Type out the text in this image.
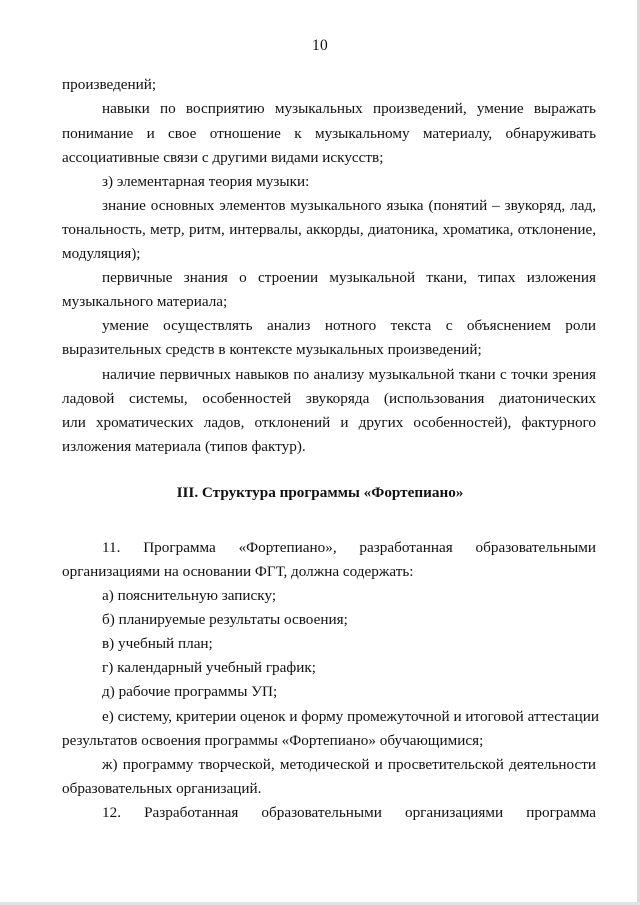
10
произведений;
навыки по восприятию музыкальных произведений, умение выражать
понимание и свое отношение к музыкальному материалу, обнаруживать
ассоциативные связи с другими видами искусств;
з) элементарная теория музыки:
знание основных элементов музыкального языка (понятий – звукоряд, лад,
тональность, метр, ритм, интервалы, аккорды, диатоника, хроматика, отклонение,
модуляция);
первичные знания о строении музыкальной ткани, типах изложения
музыкального материала;
умение осуществлять анализ нотного текста с объяснением роли
выразительных средств в контексте музыкальных произведений;
наличие первичных навыков по анализу музыкальной ткани с точки зрения
ладовой системы, особенностей звукоряда (использования диатонических
или хроматических ладов, отклонений и других особенностей), фактурного
изложения материала (типов фактур).
11. Программа «Фортепиано», разработанная образовательными
организациями на основании ФГТ, должна содержать:
а) пояснительную записку;
б) планируемые результаты освоения;
в) учебный план;
г) календарный учебный график;
д) рабочие программы УП;
е) систему, критерии оценок и форму промежуточной и итоговой аттестации
результатов освоения программы «Фортепиано» обучающимися;
ж) программу творческой, методической и просветительской деятельности
образовательных организаций.
12. Разработанная образовательными организациями программа
III. Структура программы «Фортепиано»
